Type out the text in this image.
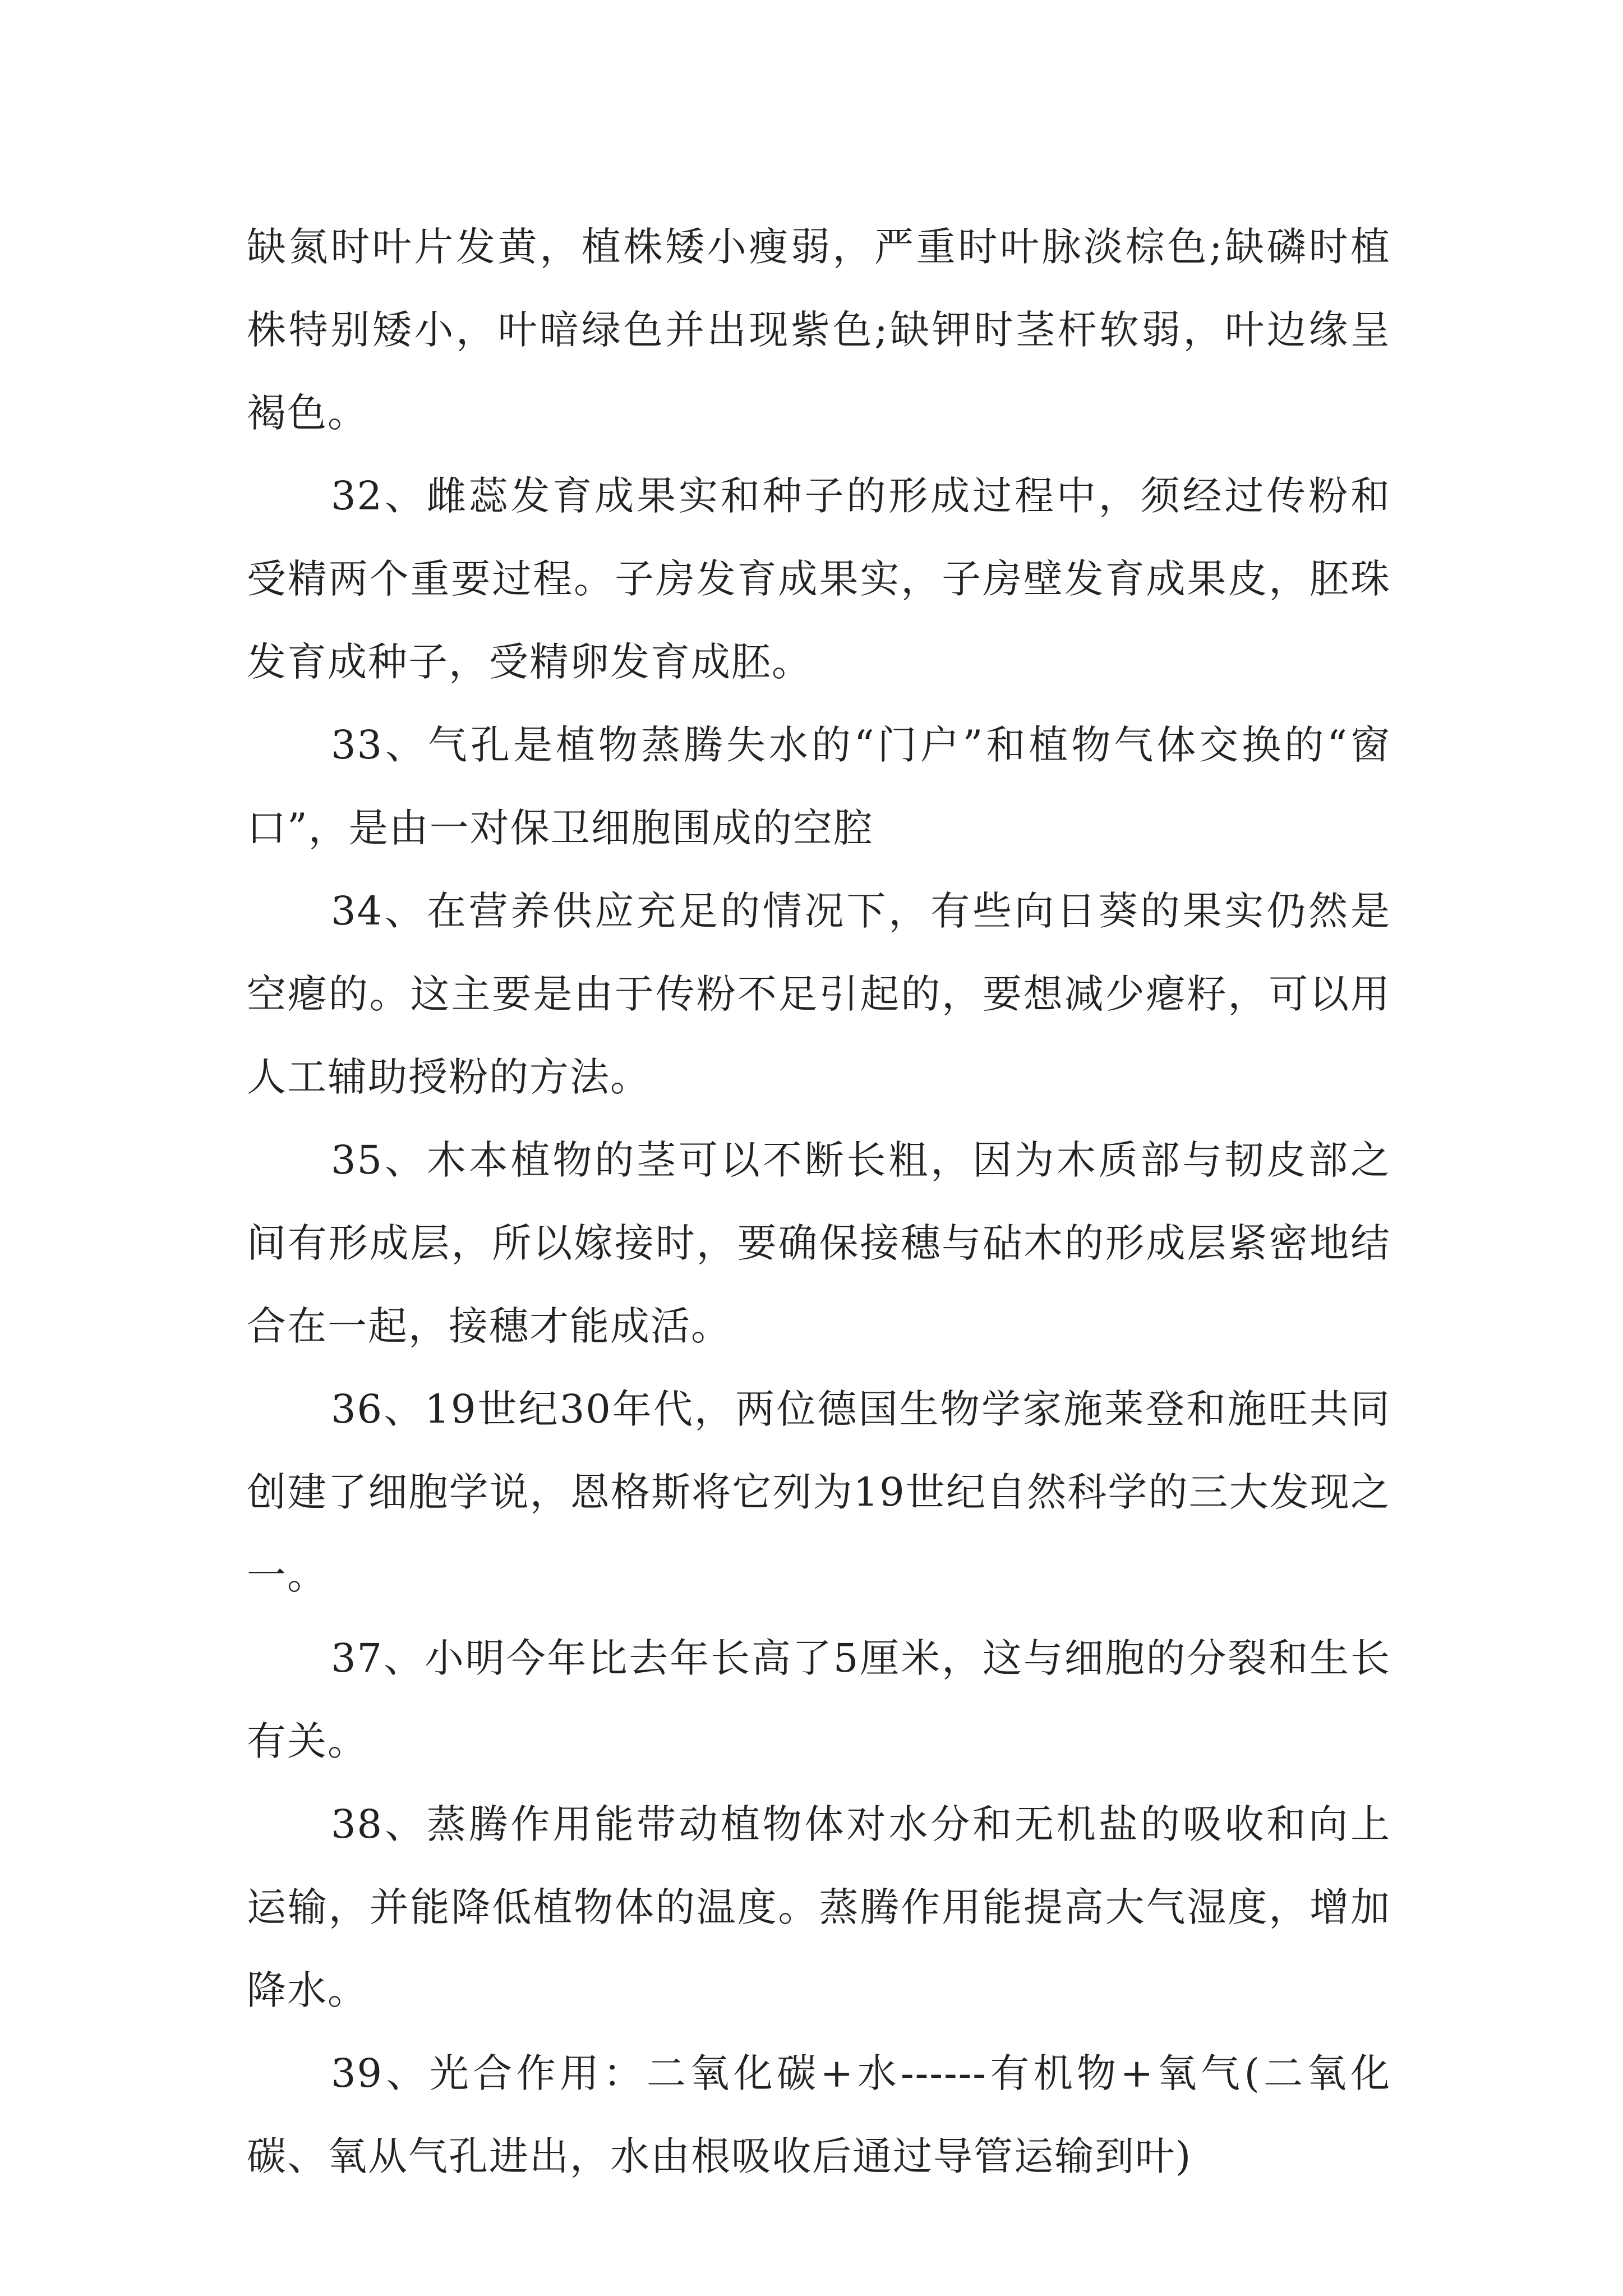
缺氮时叶片发黄，植株矮小瘦弱，严重时叶脉淡棕色;缺磷时植株特别矮小，叶暗绿色并出现紫色;缺钾时茎杆软弱，叶边缘呈褐色。

32、雌蕊发育成果实和种子的形成过程中，须经过传粉和受精两个重要过程。子房发育成果实，子房壁发育成果皮，胚珠发育成种子，受精卵发育成胚。

33、气孔是植物蒸腾失水的“门户”和植物气体交换的“窗口”，是由一对保卫细胞围成的空腔

34、在营养供应充足的情况下，有些向日葵的果实仍然是空瘪的。这主要是由于传粉不足引起的，要想减少瘪籽，可以用人工辅助授粉的方法。

35、木本植物的茎可以不断长粗，因为木质部与韧皮部之间有形成层，所以嫁接时，要确保接穗与砧木的形成层紧密地结合在一起，接穗才能成活。

36、19世纪30年代，两位德国生物学家施莱登和施旺共同创建了细胞学说，恩格斯将它列为19世纪自然科学的三大发现之一。

37、小明今年比去年长高了5厘米，这与细胞的分裂和生长有关。

38、蒸腾作用能带动植物体对水分和无机盐的吸收和向上运输，并能降低植物体的温度。蒸腾作用能提高大气湿度，增加降水。

39、光合作用：二氧化碳+水------有机物+氧气(二氧化碳、氧从气孔进出，水由根吸收后通过导管运输到叶)
